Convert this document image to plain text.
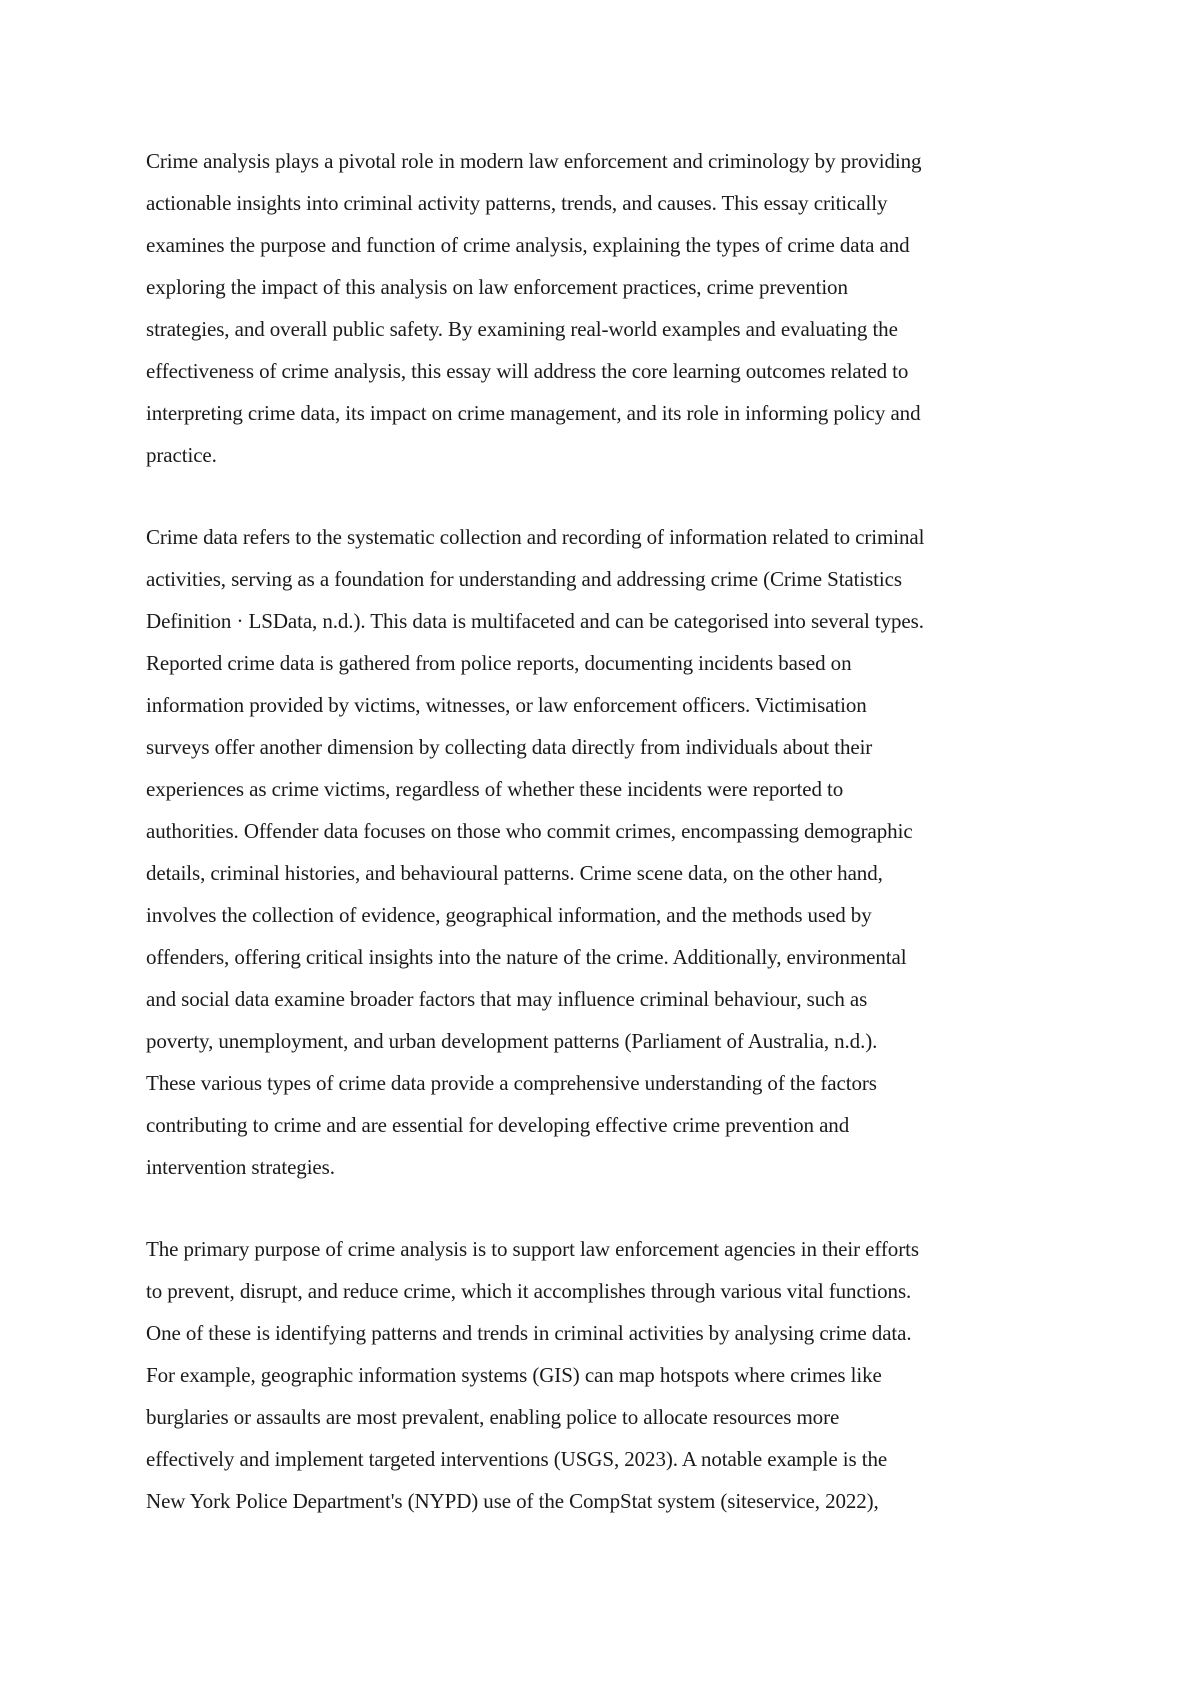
Crime analysis plays a pivotal role in modern law enforcement and criminology by providing
actionable insights into criminal activity patterns, trends, and causes. This essay critically
examines the purpose and function of crime analysis, explaining the types of crime data and
exploring the impact of this analysis on law enforcement practices, crime prevention
strategies, and overall public safety. By examining real-world examples and evaluating the
effectiveness of crime analysis, this essay will address the core learning outcomes related to
interpreting crime data, its impact on crime management, and its role in informing policy and
practice.

Crime data refers to the systematic collection and recording of information related to criminal
activities, serving as a foundation for understanding and addressing crime (Crime Statistics
Definition · LSData, n.d.). This data is multifaceted and can be categorised into several types.
Reported crime data is gathered from police reports, documenting incidents based on
information provided by victims, witnesses, or law enforcement officers. Victimisation
surveys offer another dimension by collecting data directly from individuals about their
experiences as crime victims, regardless of whether these incidents were reported to
authorities. Offender data focuses on those who commit crimes, encompassing demographic
details, criminal histories, and behavioural patterns. Crime scene data, on the other hand,
involves the collection of evidence, geographical information, and the methods used by
offenders, offering critical insights into the nature of the crime. Additionally, environmental
and social data examine broader factors that may influence criminal behaviour, such as
poverty, unemployment, and urban development patterns (Parliament of Australia, n.d.).
These various types of crime data provide a comprehensive understanding of the factors
contributing to crime and are essential for developing effective crime prevention and
intervention strategies.

The primary purpose of crime analysis is to support law enforcement agencies in their efforts
to prevent, disrupt, and reduce crime, which it accomplishes through various vital functions.
One of these is identifying patterns and trends in criminal activities by analysing crime data.
For example, geographic information systems (GIS) can map hotspots where crimes like
burglaries or assaults are most prevalent, enabling police to allocate resources more
effectively and implement targeted interventions (USGS, 2023). A notable example is the
New York Police Department's (NYPD) use of the CompStat system (siteservice, 2022),
